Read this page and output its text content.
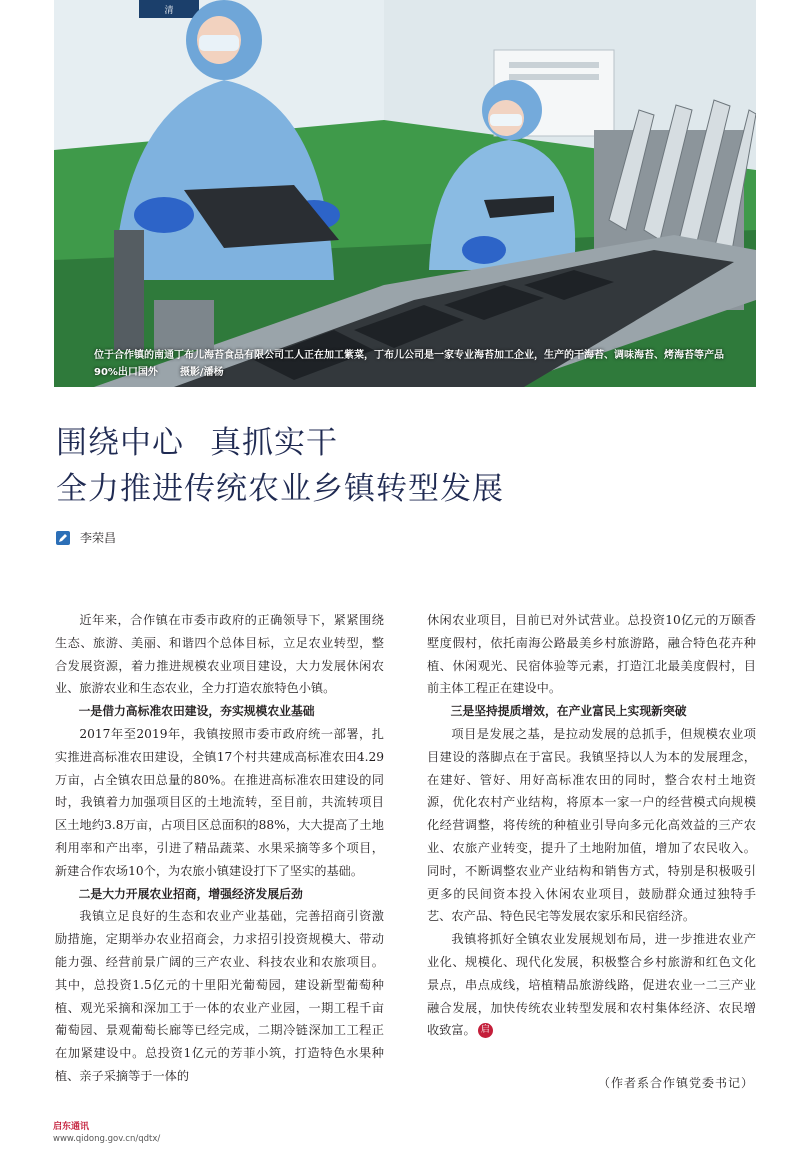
清
位于合作镇的南通丁布儿海苔食品有限公司工人正在加工紫菜，丁布儿公司是一家专业海苔加工企业，生产的干海苔、调味海苔、烤海苔等产品90%出口国外 摄影/潘杨
围绕中心 真抓实干
全力推进传统农业乡镇转型发展
李荣昌

近年来，合作镇在市委市政府的正确领导下，紧紧围绕生态、旅游、美丽、和谐四个总体目标，立足农业转型，整合发展资源，着力推进规模农业项目建设，大力发展休闲农业、旅游农业和生态农业，全力打造农旅特色小镇。

一是借力高标准农田建设，夯实规模农业基础

2017年至2019年，我镇按照市委市政府统一部署，扎实推进高标准农田建设，全镇17个村共建成高标准农田4.29万亩，占全镇农田总量的80%。在推进高标准农田建设的同时，我镇着力加强项目区的土地流转，至目前，共流转项目区土地约3.8万亩，占项目区总面积的88%，大大提高了土地利用率和产出率，引进了精品蔬菜、水果采摘等多个项目，新建合作农场10个，为农旅小镇建设打下了坚实的基础。

二是大力开展农业招商，增强经济发展后劲

我镇立足良好的生态和农业产业基础，完善招商引资激励措施，定期举办农业招商会，力求招引投资规模大、带动能力强、经营前景广阔的三产农业、科技农业和农旅项目。其中，总投资1.5亿元的十里阳光葡萄园，建设新型葡萄种植、观光采摘和深加工于一体的农业产业园，一期工程千亩葡萄园、景观葡萄长廊等已经完成，二期冷链深加工工程正在加紧建设中。总投资1亿元的芳菲小筑，打造特色水果种植、亲子采摘等于一体的

休闲农业项目，目前已对外试营业。总投资10亿元的万颐香墅度假村，依托南海公路最美乡村旅游路，融合特色花卉种植、休闲观光、民宿体验等元素，打造江北最美度假村，目前主体工程正在建设中。

三是坚持提质增效，在产业富民上实现新突破

项目是发展之基，是拉动发展的总抓手，但规模农业项目建设的落脚点在于富民。我镇坚持以人为本的发展理念，在建好、管好、用好高标准农田的同时，整合农村土地资源，优化农村产业结构，将原本一家一户的经营模式向规模化经营调整，将传统的种植业引导向多元化高效益的三产农业、农旅产业转变，提升了土地附加值，增加了农民收入。同时，不断调整农业产业结构和销售方式，特别是积极吸引更多的民间资本投入休闲农业项目，鼓励群众通过独特手艺、农产品、特色民宅等发展农家乐和民宿经济。

我镇将抓好全镇农业发展规划布局，进一步推进农业产业化、规模化、现代化发展，积极整合乡村旅游和红色文化景点，串点成线，培植精品旅游线路，促进农业一二三产业融合发展，加快传统农业转型发展和农村集体经济、农民增收致富。 启

（作者系合作镇党委书记）
启东通讯
www.qidong.gov.cn/qdtx/
